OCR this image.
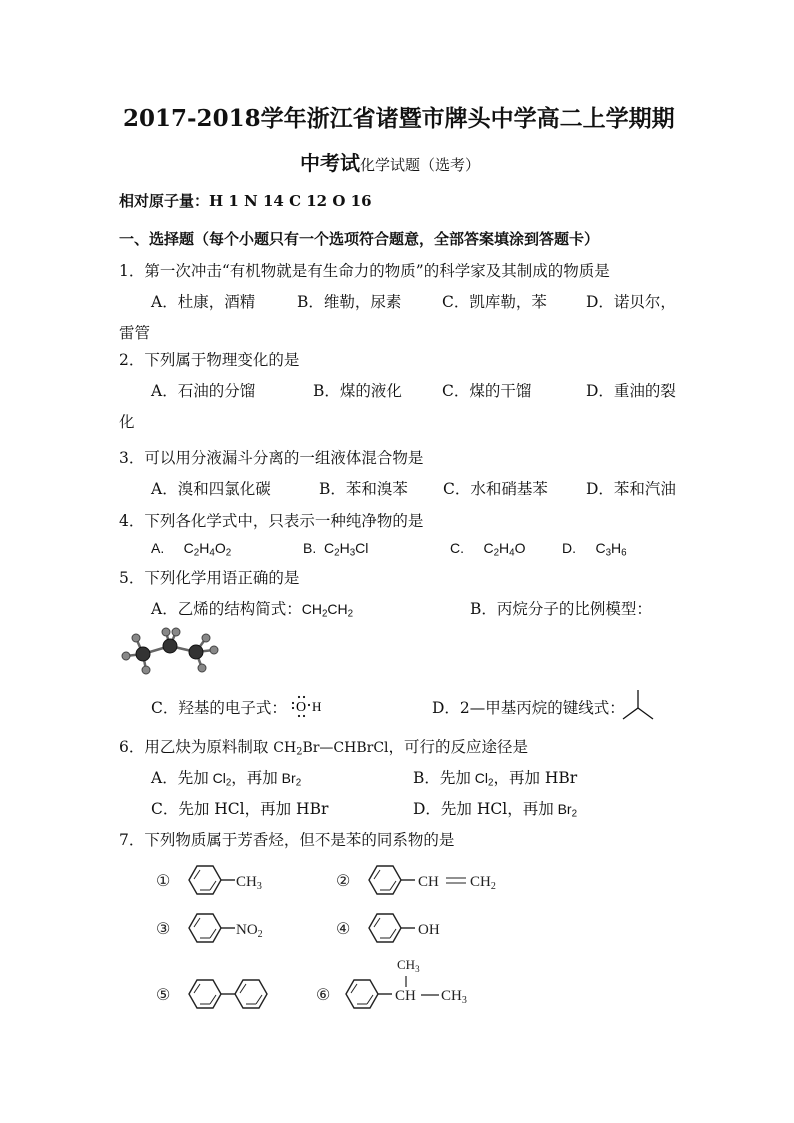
2017-2018学年浙江省诸暨市牌头中学高二上学期期
中考试化学试题（选考）
相对原子量：H 1 N 14 C 12 O 16
一、选择题（每个小题只有一个选项符合题意，全部答案填涂到答题卡）
1．第一次冲击“有机物就是有生命力的物质”的科学家及其制成的物质是
A．杜康，酒精	B．维勒，尿素	C．凯库勒，苯	D．诺贝尔，
雷管
2．下列属于物理变化的是
A．石油的分馏	B．煤的液化	C．煤的干馏	D．重油的裂
化
3．可以用分液漏斗分离的一组液体混合物是
A．溴和四氯化碳	B．苯和溴苯 C．水和硝基苯 D．苯和汽油
4．下列各化学式中，只表示一种纯净物的是
A.     $C_2H_4O_2$	B.  $C_2H_3Cl$	C.     $C_2H_4O$	D.     $C_3H_6$
5．下列化学用语正确的是
A．乙烯的结构简式：$CH_2CH_2$	B．丙烷分子的比例模型：
C．羟基的电子式： O H	D．2—甲基丙烷的键线式：
6．用乙炔为原料制取 $CH_2Br—CHBrCl$，可行的反应途径是
A．先加 $Cl_2$，再加 $Br_2$	B．先加 $Cl_2$，再加 HBr
C．先加 HCl，再加 HBr	D．先加 HCl，再加 $Br_2$
7．下列物质属于芳香烃，但不是苯的同系物的是
①	$CH_3$	②	CH $CH_2$
③	$NO_2$	④	OH
⑤	⑥	CH
$CH_3$
$CH_3$
